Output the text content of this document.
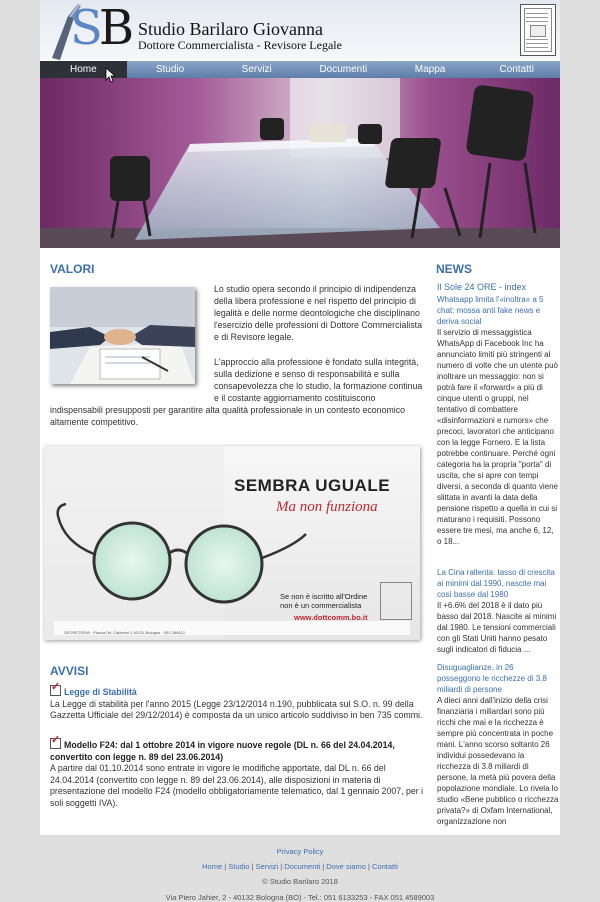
SB Studio Barilaro Giovanna
Dottore Commercialista - Revisore Legale
Home	Studio	Servizi	Documenti	Mappa	Contatti
VALORI

Lo studio opera secondo il principio di indipendenza della libera professione e nel rispetto del principio di legalità e delle norme deontologiche che disciplinano l'esercizio delle professioni di Dottore Commercialista e di Revisore legale.

L'approccio alla professione è fondato sulla integrità, sulla dedizione e senso di responsabilità e sulla consapevolezza che lo studio, la formazione continua e il costante aggiornamento costituiscono

indispensabili presupposti per garantire alta qualità professionale in un contesto economico altamente competitivo.

SEMBRA UGUALE
Ma non funziona
Se non è iscritto all'Ordine
non è un commercialista
www.dottcomm.bo.it
SEGRETERIA · Piazza De' Calderini 2 40124 Bologna · 051 264612
AVVISI
✓Legge di Stabilità
La Legge di stabilità per l'anno 2015 (Legge 23/12/2014 n.190, pubblicata sul S.O. n. 99 della Gazzetta Ufficiale del 29/12/2014) è composta da un unico articolo suddiviso in ben 735 commi.
✓Modello F24: dal 1 ottobre 2014 in vigore nuove regole (DL n. 66 del 24.04.2014, convertito con legge n. 89 del 23.06.2014)
A partire dal 01.10.2014 sono entrate in vigore le modifiche apportate, dal DL n. 66 del 24.04.2014 (convertito con legge n. 89 del 23.06.2014), alle disposizioni in materia di presentazione del modello F24 (modello obbligatoriamente telematico, dal 1 gennaio 2007, per i soli soggetti IVA).
NEWS
Il Sole 24 ORE - index
Whatsapp limita l'«inoltra» a 5 chat: mossa anti fake news e deriva social
Il servizio di messaggistica WhatsApp di Facebook Inc ha annunciato limiti più stringenti al numero di volte che un utente può inoltrare un messaggio: non si potrà fare il «forward» a più di cinque utenti o gruppi, nel tentativo di combattere «disinformazioni e rumors» che precoci, lavoratori che anticipano con la legge Fornero. E la lista potrebbe continuare. Perché ogni categoria ha la propria "porta" di uscita, che si apre con tempi diversi, a seconda di quanto viene slittata in avanti la data della pensione rispetto a quella in cui si maturano i requisiti. Possono essere tre mesi, ma anche 6, 12, o 18...
La Cina rallenta: tasso di crescita ai minimi dal 1990, nascite mai così basse dal 1980
Il +6.6% del 2018 è il dato più basso dal 2018. Nascite ai minimi dal 1980. Le tensioni commerciali con gli Stati Uniti hanno pesato sugli indicatori di fiducia ...
Disuguaglianze, in 26 posseggono le ricchezze di 3.8 miliardi di persone
A dieci anni dall'inizio della crisi finanziaria i miliardari sono più ricchi che mai e la ricchezza è sempre più concentrata in poche mani. L'anno scorso soltanto 26 individui possedevano la ricchezza di 3.8 miliardi di persone, la metà più povera della popolazione mondiale. Lo rivela lo studio «Bene pubblico o ricchezza privata?» di Oxfam International, organizzazione non
Privacy Policy
Home | Studio | Servizi | Documenti | Dove siamo | Contatti
© Studio Barilaro 2018
Via Piero Jahier, 2 - 40132 Bologna (BO) - Tel.: 051 6133253 - FAX 051 4589003
